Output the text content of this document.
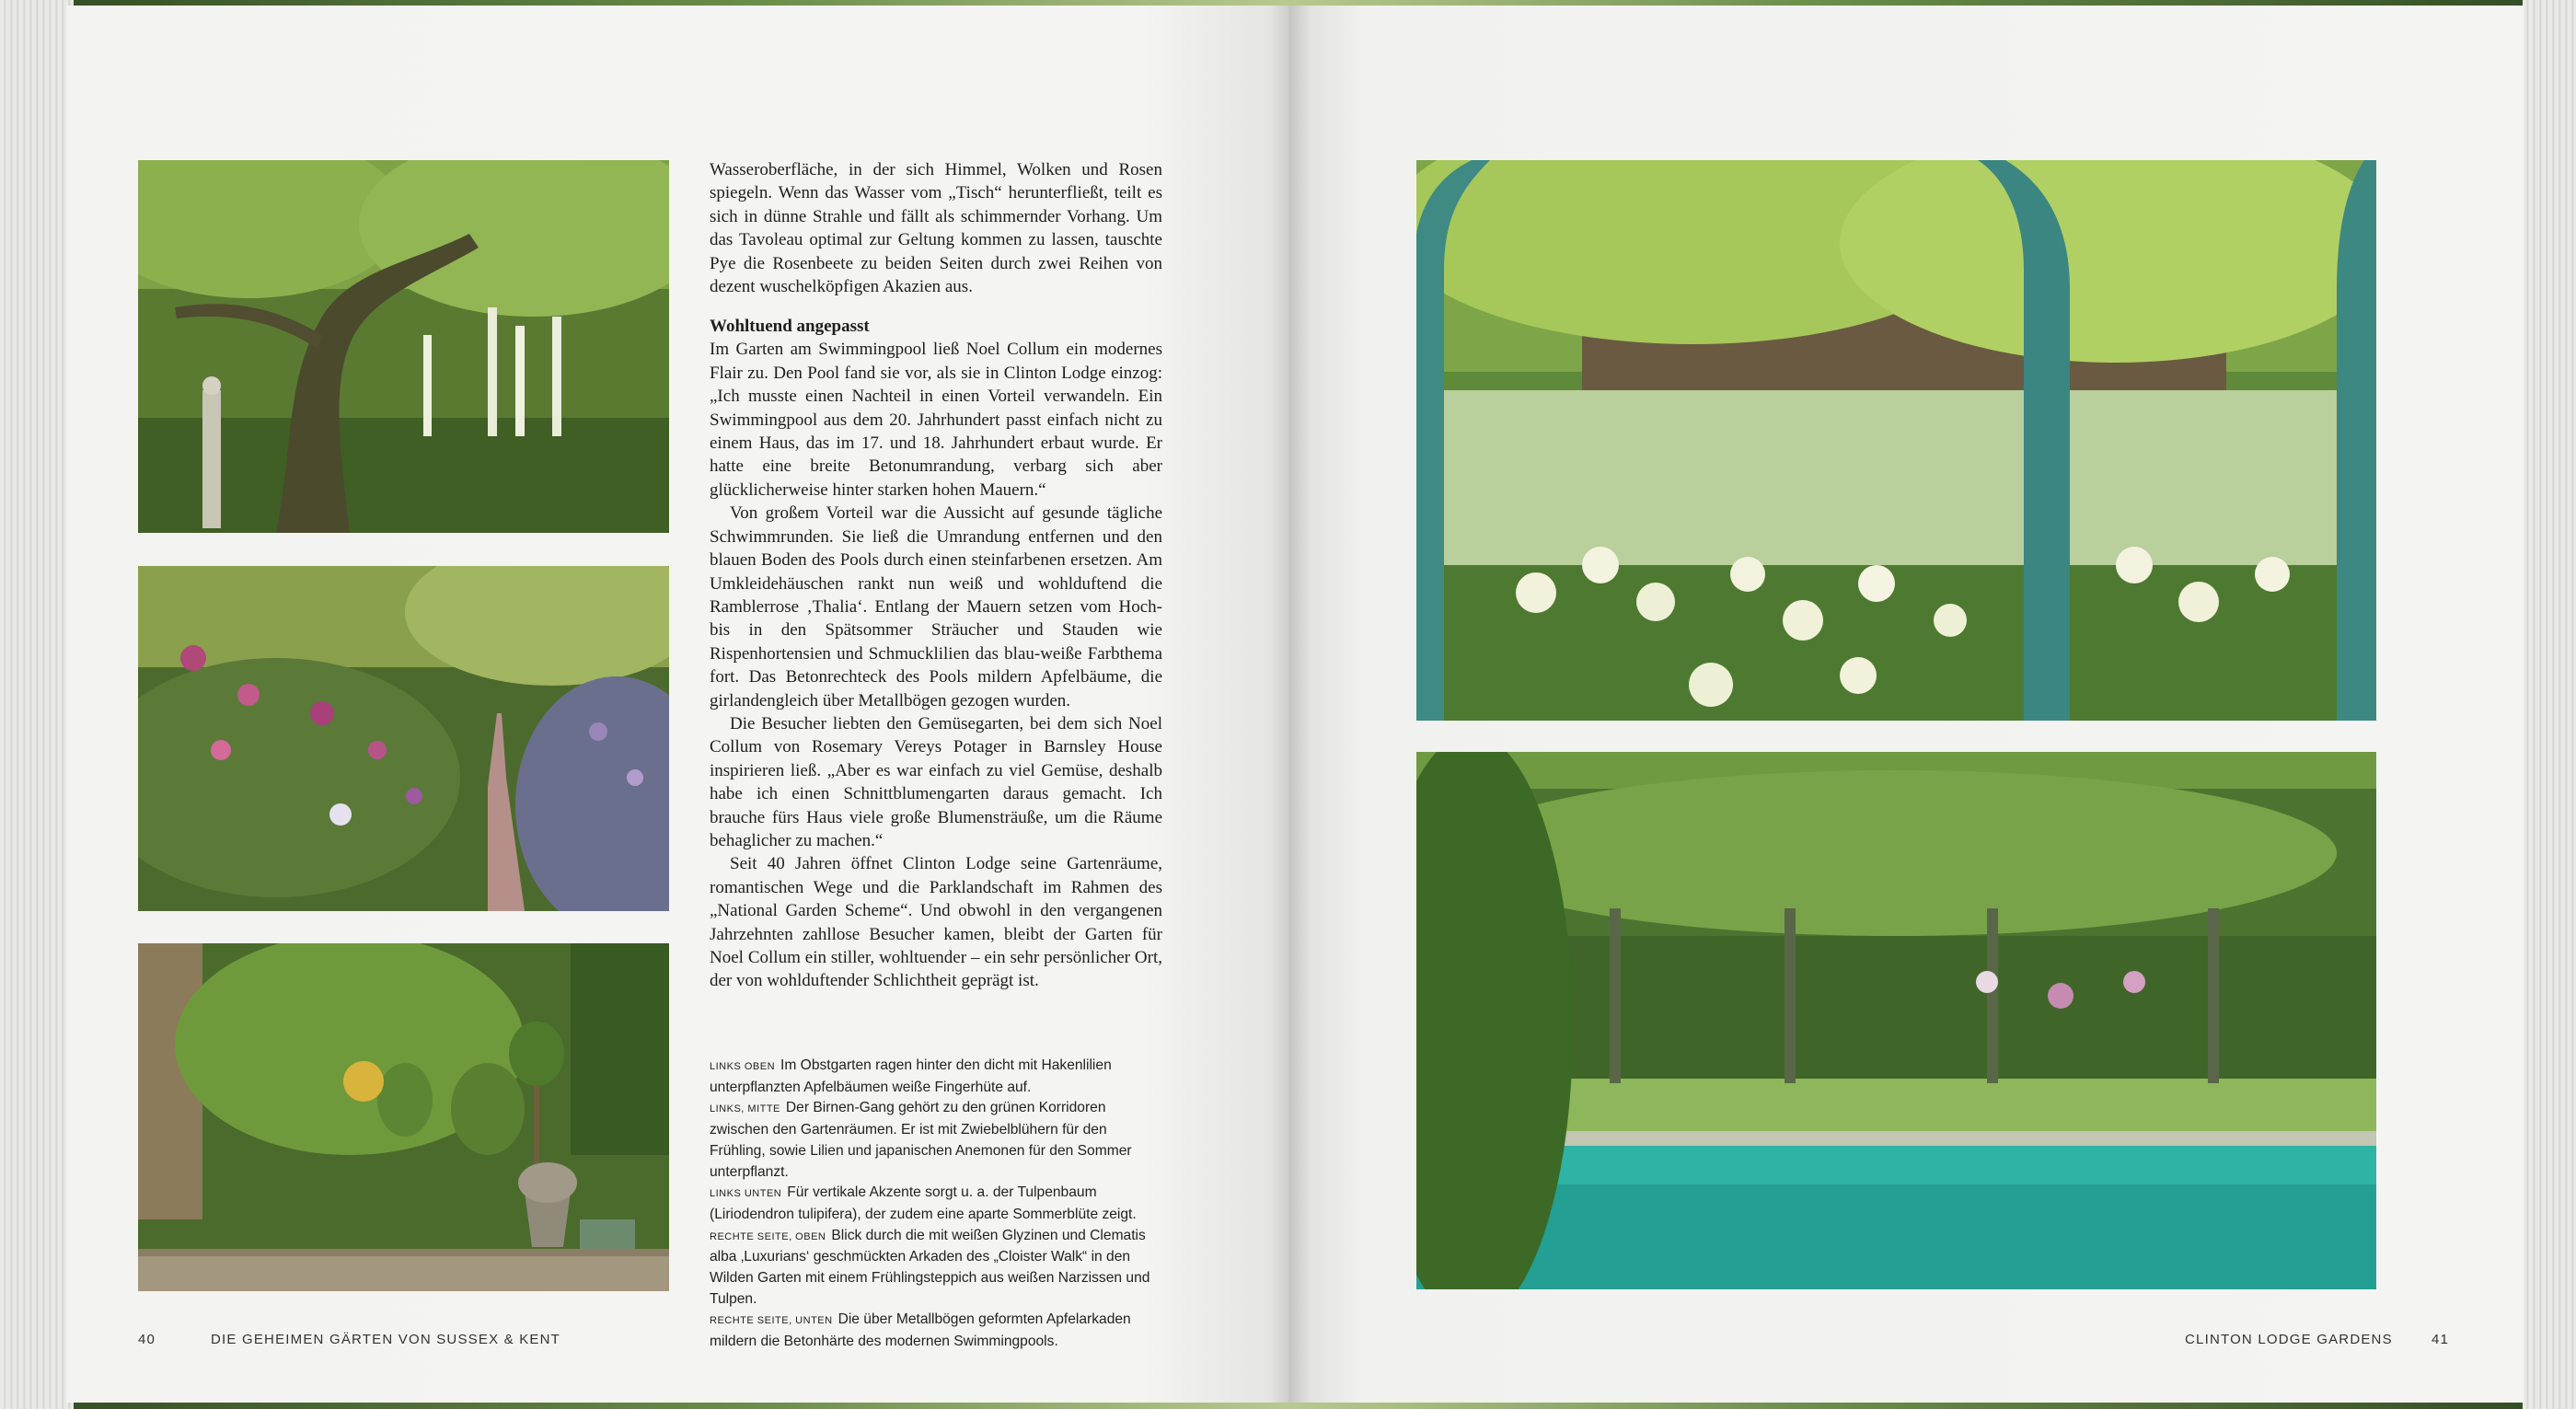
Wasseroberfläche, in der sich Himmel, Wolken und Rosen spiegeln. Wenn das Wasser vom „Tisch“ herunterfließt, teilt es sich in dünne Strahle und fällt als schimmernder Vorhang. Um das Tavoleau optimal zur Geltung kommen zu lassen, tauschte Pye die Rosenbeete zu beiden Seiten durch zwei Reihen von dezent wuschelköpfigen Akazien aus.

Wohltuend angepasst

Im Garten am Swimmingpool ließ Noel Collum ein modernes Flair zu. Den Pool fand sie vor, als sie in Clinton Lodge einzog: „Ich musste einen Nachteil in einen Vorteil verwandeln. Ein Swimmingpool aus dem 20. Jahrhundert passt einfach nicht zu einem Haus, das im 17. und 18. Jahrhundert erbaut wurde. Er hatte eine breite Betonumrandung, verbarg sich aber glücklicherweise hinter starken hohen Mauern.“

Von großem Vorteil war die Aussicht auf gesunde tägliche Schwimmrunden. Sie ließ die Umrandung entfernen und den blauen Boden des Pools durch einen steinfarbenen ersetzen. Am Umkleidehäuschen rankt nun weiß und wohlduftend die Ramblerrose ‚Thalia‘. Entlang der Mauern setzen vom Hoch- bis in den Spätsommer Sträucher und Stauden wie Rispenhortensien und Schmucklilien das blau-weiße Farbthema fort. Das Betonrechteck des Pools mildern Apfelbäume, die girlandengleich über Metallbögen gezogen wurden.

Die Besucher liebten den Gemüsegarten, bei dem sich Noel Collum von Rosemary Vereys Potager in Barnsley House inspirieren ließ. „Aber es war einfach zu viel Gemüse, deshalb habe ich einen Schnittblumengarten daraus gemacht. Ich brauche fürs Haus viele große Blumensträuße, um die Räume behaglicher zu machen.“

Seit 40 Jahren öffnet Clinton Lodge seine Gartenräume, romantischen Wege und die Parklandschaft im Rahmen des „National Garden Scheme“. Und obwohl in den vergangenen Jahrzehnten zahllose Besucher kamen, bleibt der Garten für Noel Collum ein stiller, wohltuender – ein sehr persönlicher Ort, der von wohlduftender Schlichtheit geprägt ist.

LINKS OBEN Im Obstgarten ragen hinter den dicht mit Hakenlilien unterpflanzten Apfelbäumen weiße Fingerhüte auf.

LINKS, MITTE Der Birnen-Gang gehört zu den grünen Korridoren zwischen den Gartenräumen. Er ist mit Zwiebelblühern für den Frühling, sowie Lilien und japanischen Anemonen für den Sommer unterpflanzt.

LINKS UNTEN Für vertikale Akzente sorgt u. a. der Tulpenbaum (Liriodendron tulipifera), der zudem eine aparte Sommerblüte zeigt.

RECHTE SEITE, OBEN Blick durch die mit weißen Glyzinen und Clematis alba ‚Luxurians‘ geschmückten Arkaden des „Cloister Walk“ in den Wilden Garten mit einem Frühlingsteppich aus weißen Narzissen und Tulpen.

RECHTE SEITE, UNTEN Die über Metallbögen geformten Apfelarkaden mildern die Betonhärte des modernen Swimmingpools.

40	DIE GEHEIMEN GÄRTEN VON SUSSEX & KENT	CLINTON LODGE GARDENS	41
